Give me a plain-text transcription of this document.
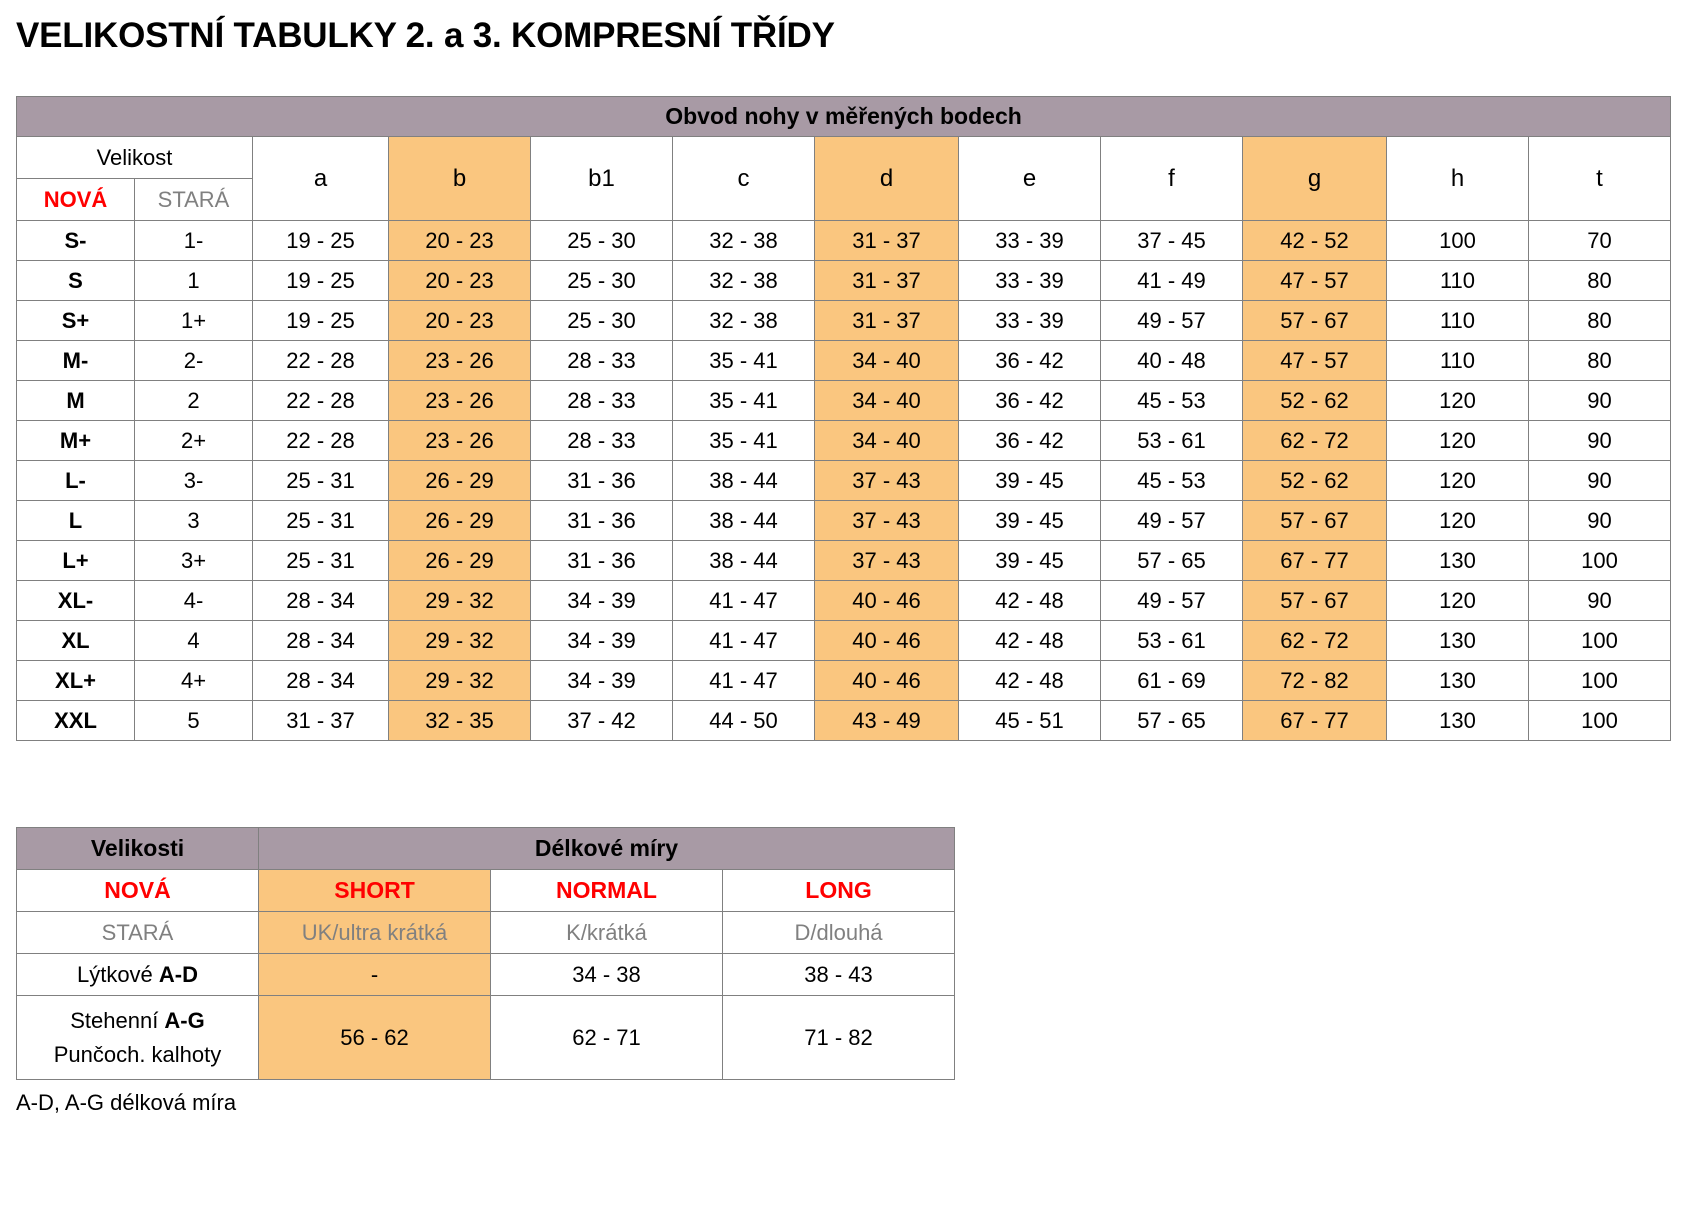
VELIKOSTNÍ TABULKY 2. a 3. KOMPRESNÍ TŘÍDY
Obvod nohy v měřených bodech											
Velikost		a	b	b1	c	d	e	f	g	h	t
NOVÁ	STARÁ										
S-	1-	19 - 25	20 - 23	25 - 30	32 - 38	31 - 37	33 - 39	37 - 45	42 - 52	100	70
S	1	19 - 25	20 - 23	25 - 30	32 - 38	31 - 37	33 - 39	41 - 49	47 - 57	110	80
S+	1+	19 - 25	20 - 23	25 - 30	32 - 38	31 - 37	33 - 39	49 - 57	57 - 67	110	80
M-	2-	22 - 28	23 - 26	28 - 33	35 - 41	34 - 40	36 - 42	40 - 48	47 - 57	110	80
M	2	22 - 28	23 - 26	28 - 33	35 - 41	34 - 40	36 - 42	45 - 53	52 - 62	120	90
M+	2+	22 - 28	23 - 26	28 - 33	35 - 41	34 - 40	36 - 42	53 - 61	62 - 72	120	90
L-	3-	25 - 31	26 - 29	31 - 36	38 - 44	37 - 43	39 - 45	45 - 53	52 - 62	120	90
L	3	25 - 31	26 - 29	31 - 36	38 - 44	37 - 43	39 - 45	49 - 57	57 - 67	120	90
L+	3+	25 - 31	26 - 29	31 - 36	38 - 44	37 - 43	39 - 45	57 - 65	67 - 77	130	100
XL-	4-	28 - 34	29 - 32	34 - 39	41 - 47	40 - 46	42 - 48	49 - 57	57 - 67	120	90
XL	4	28 - 34	29 - 32	34 - 39	41 - 47	40 - 46	42 - 48	53 - 61	62 - 72	130	100
XL+	4+	28 - 34	29 - 32	34 - 39	41 - 47	40 - 46	42 - 48	61 - 69	72 - 82	130	100
XXL	5	31 - 37	32 - 35	37 - 42	44 - 50	43 - 49	45 - 51	57 - 65	67 - 77	130	100
Velikosti	Délkové míry		
NOVÁ	SHORT	NORMAL	LONG
STARÁ	UK/ultra krátká	K/krátká	D/dlouhá
Lýtkové A-D	-	34 - 38	38 - 43

Stehenní A-G
Punčoch. kalhoty	56 - 62	62 - 71	71 - 82
A-D, A-G délková míra
